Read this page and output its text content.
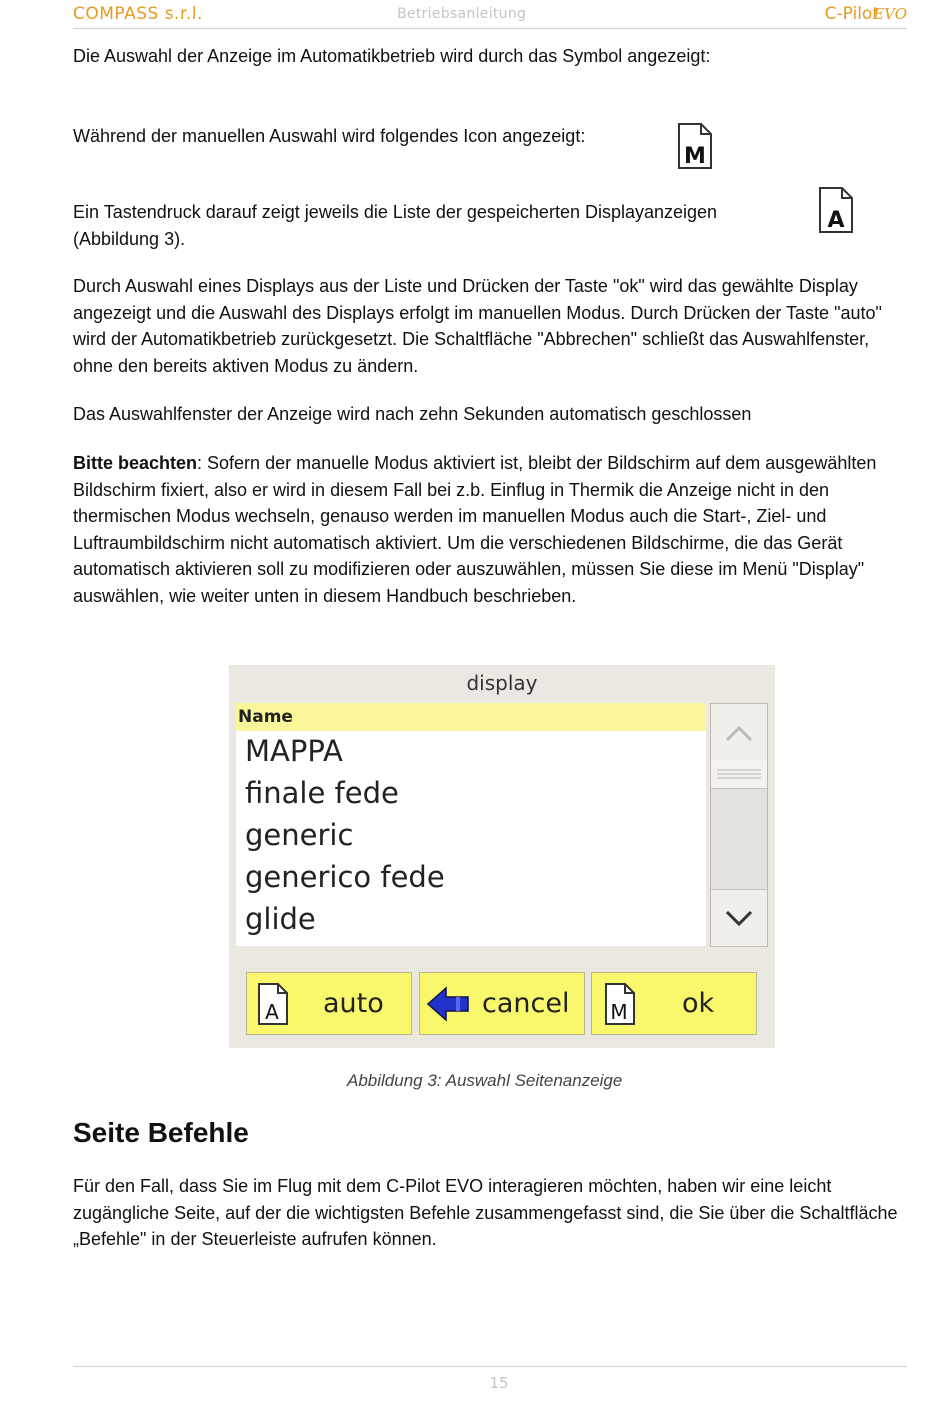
COMPASS s.r.l.	Betriebsanleitung	C-Pilot
EVO

Die Auswahl der Anzeige im Automatikbetrieb wird durch das Symbol angezeigt:

Während der manuellen Auswahl wird folgendes Icon angezeigt:

M

Ein Tastendruck darauf zeigt jeweils die Liste der gespeicherten Displayanzeigen (Abbildung 3).

A

Durch Auswahl eines Displays aus der Liste und Drücken der Taste "ok" wird das gewählte Display angezeigt und die Auswahl des Displays erfolgt im manuellen Modus. Durch Drücken der Taste "auto" wird der Automatikbetrieb zurückgesetzt. Die Schaltfläche "Abbrechen" schließt das Auswahlfenster, ohne den bereits aktiven Modus zu ändern.

Das Auswahlfenster der Anzeige wird nach zehn Sekunden automatisch geschlossen

Bitte beachten: Sofern der manuelle Modus aktiviert ist, bleibt der Bildschirm auf dem ausgewählten Bildschirm fixiert, also er wird in diesem Fall bei z.b. Einflug in Thermik die Anzeige nicht in den thermischen Modus wechseln, genauso werden im manuellen Modus auch die Start-, Ziel- und Luftraumbildschirm nicht automatisch aktiviert. Um die verschiedenen Bildschirme, die das Gerät automatisch aktivieren soll zu modifizieren oder auszuwählen, müssen Sie diese im Menü "Display" auswählen, wie weiter unten in diesem Handbuch beschrieben.

display
Name
MAPPA
finale fede
generic
generico fede
glide
A auto	cancel M ok
Abbildung 3: Auswahl Seitenanzeige
Seite Befehle

Für den Fall, dass Sie im Flug mit dem C-Pilot EVO interagieren möchten, haben wir eine leicht zugängliche Seite, auf der die wichtigsten Befehle zusammengefasst sind, die Sie über die Schaltfläche „Befehle" in der Steuerleiste aufrufen können.

15
